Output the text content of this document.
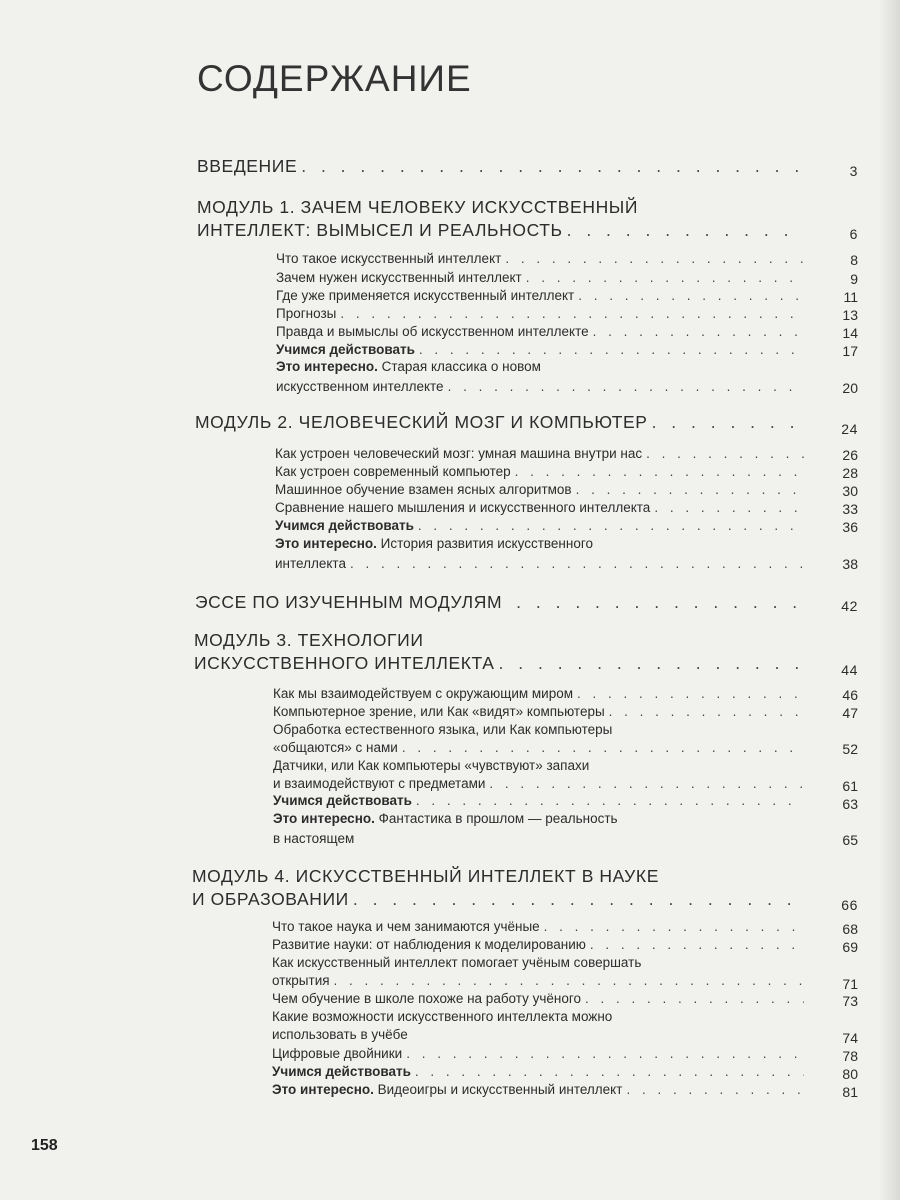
СОДЕРЖАНИЕ
ВВЕДЕНИЕ . . .	3
МОДУЛЬ 1. ЗАЧЕМ ЧЕЛОВЕКУ ИСКУССТВЕННЫЙ
ИНТЕЛЛЕКТ: ВЫМЫСЕЛ И РЕАЛЬНОСТЬ . . .	6
Что такое искусственный интеллект . . .	8
Зачем нужен искусственный интеллект . . .	9
Где уже применяется искусственный интеллект . . .	11
Прогнозы . . .	13
Правда и вымыслы об искусственном интеллекте . . .	14
Учимся действовать . . .	17
Это интересно. Старая классика о новом
искусственном интеллекте . . .	20
МОДУЛЬ 2. ЧЕЛОВЕЧЕСКИЙ МОЗГ И КОМПЬЮТЕР . . .	24
Как устроен человеческий мозг: умная машина внутри нас . . .	26
Как устроен современный компьютер . . .	28
Машинное обучение взамен ясных алгоритмов . . .	30
Сравнение нашего мышления и искусственного интеллекта . . .	33
Учимся действовать . . .	36
Это интересно. История развития искусственного
интеллекта . . .	38
ЭССЕ ПО ИЗУЧЕННЫМ МОДУЛЯМ . . .	42
МОДУЛЬ 3. ТЕХНОЛОГИИ
ИСКУССТВЕННОГО ИНТЕЛЛЕКТА . . .	44
Как мы взаимодействуем с окружающим миром . . .	46
Компьютерное зрение, или Как «видят» компьютеры . . .	47
Обработка естественного языка, или Как компьютеры
«общаются» с нами . . .	52
Датчики, или Как компьютеры «чувствуют» запахи
и взаимодействуют с предметами . . .	61
Учимся действовать . . .	63
Это интересно. Фантастика в прошлом — реальность
в настоящем	65
МОДУЛЬ 4. ИСКУССТВЕННЫЙ ИНТЕЛЛЕКТ В НАУКЕ
И ОБРАЗОВАНИИ . . .	66
Что такое наука и чем занимаются учёные . . .	68
Развитие науки: от наблюдения к моделированию . . .	69
Как искусственный интеллект помогает учёным совершать
открытия . . .	71
Чем обучение в школе похоже на работу учёного . . .	73
Какие возможности искусственного интеллекта можно
использовать в учёбе	74
Цифровые двойники . . .	78
Учимся действовать . . .	80
Это интересно. Видеоигры и искусственный интеллект . . .	81
158
